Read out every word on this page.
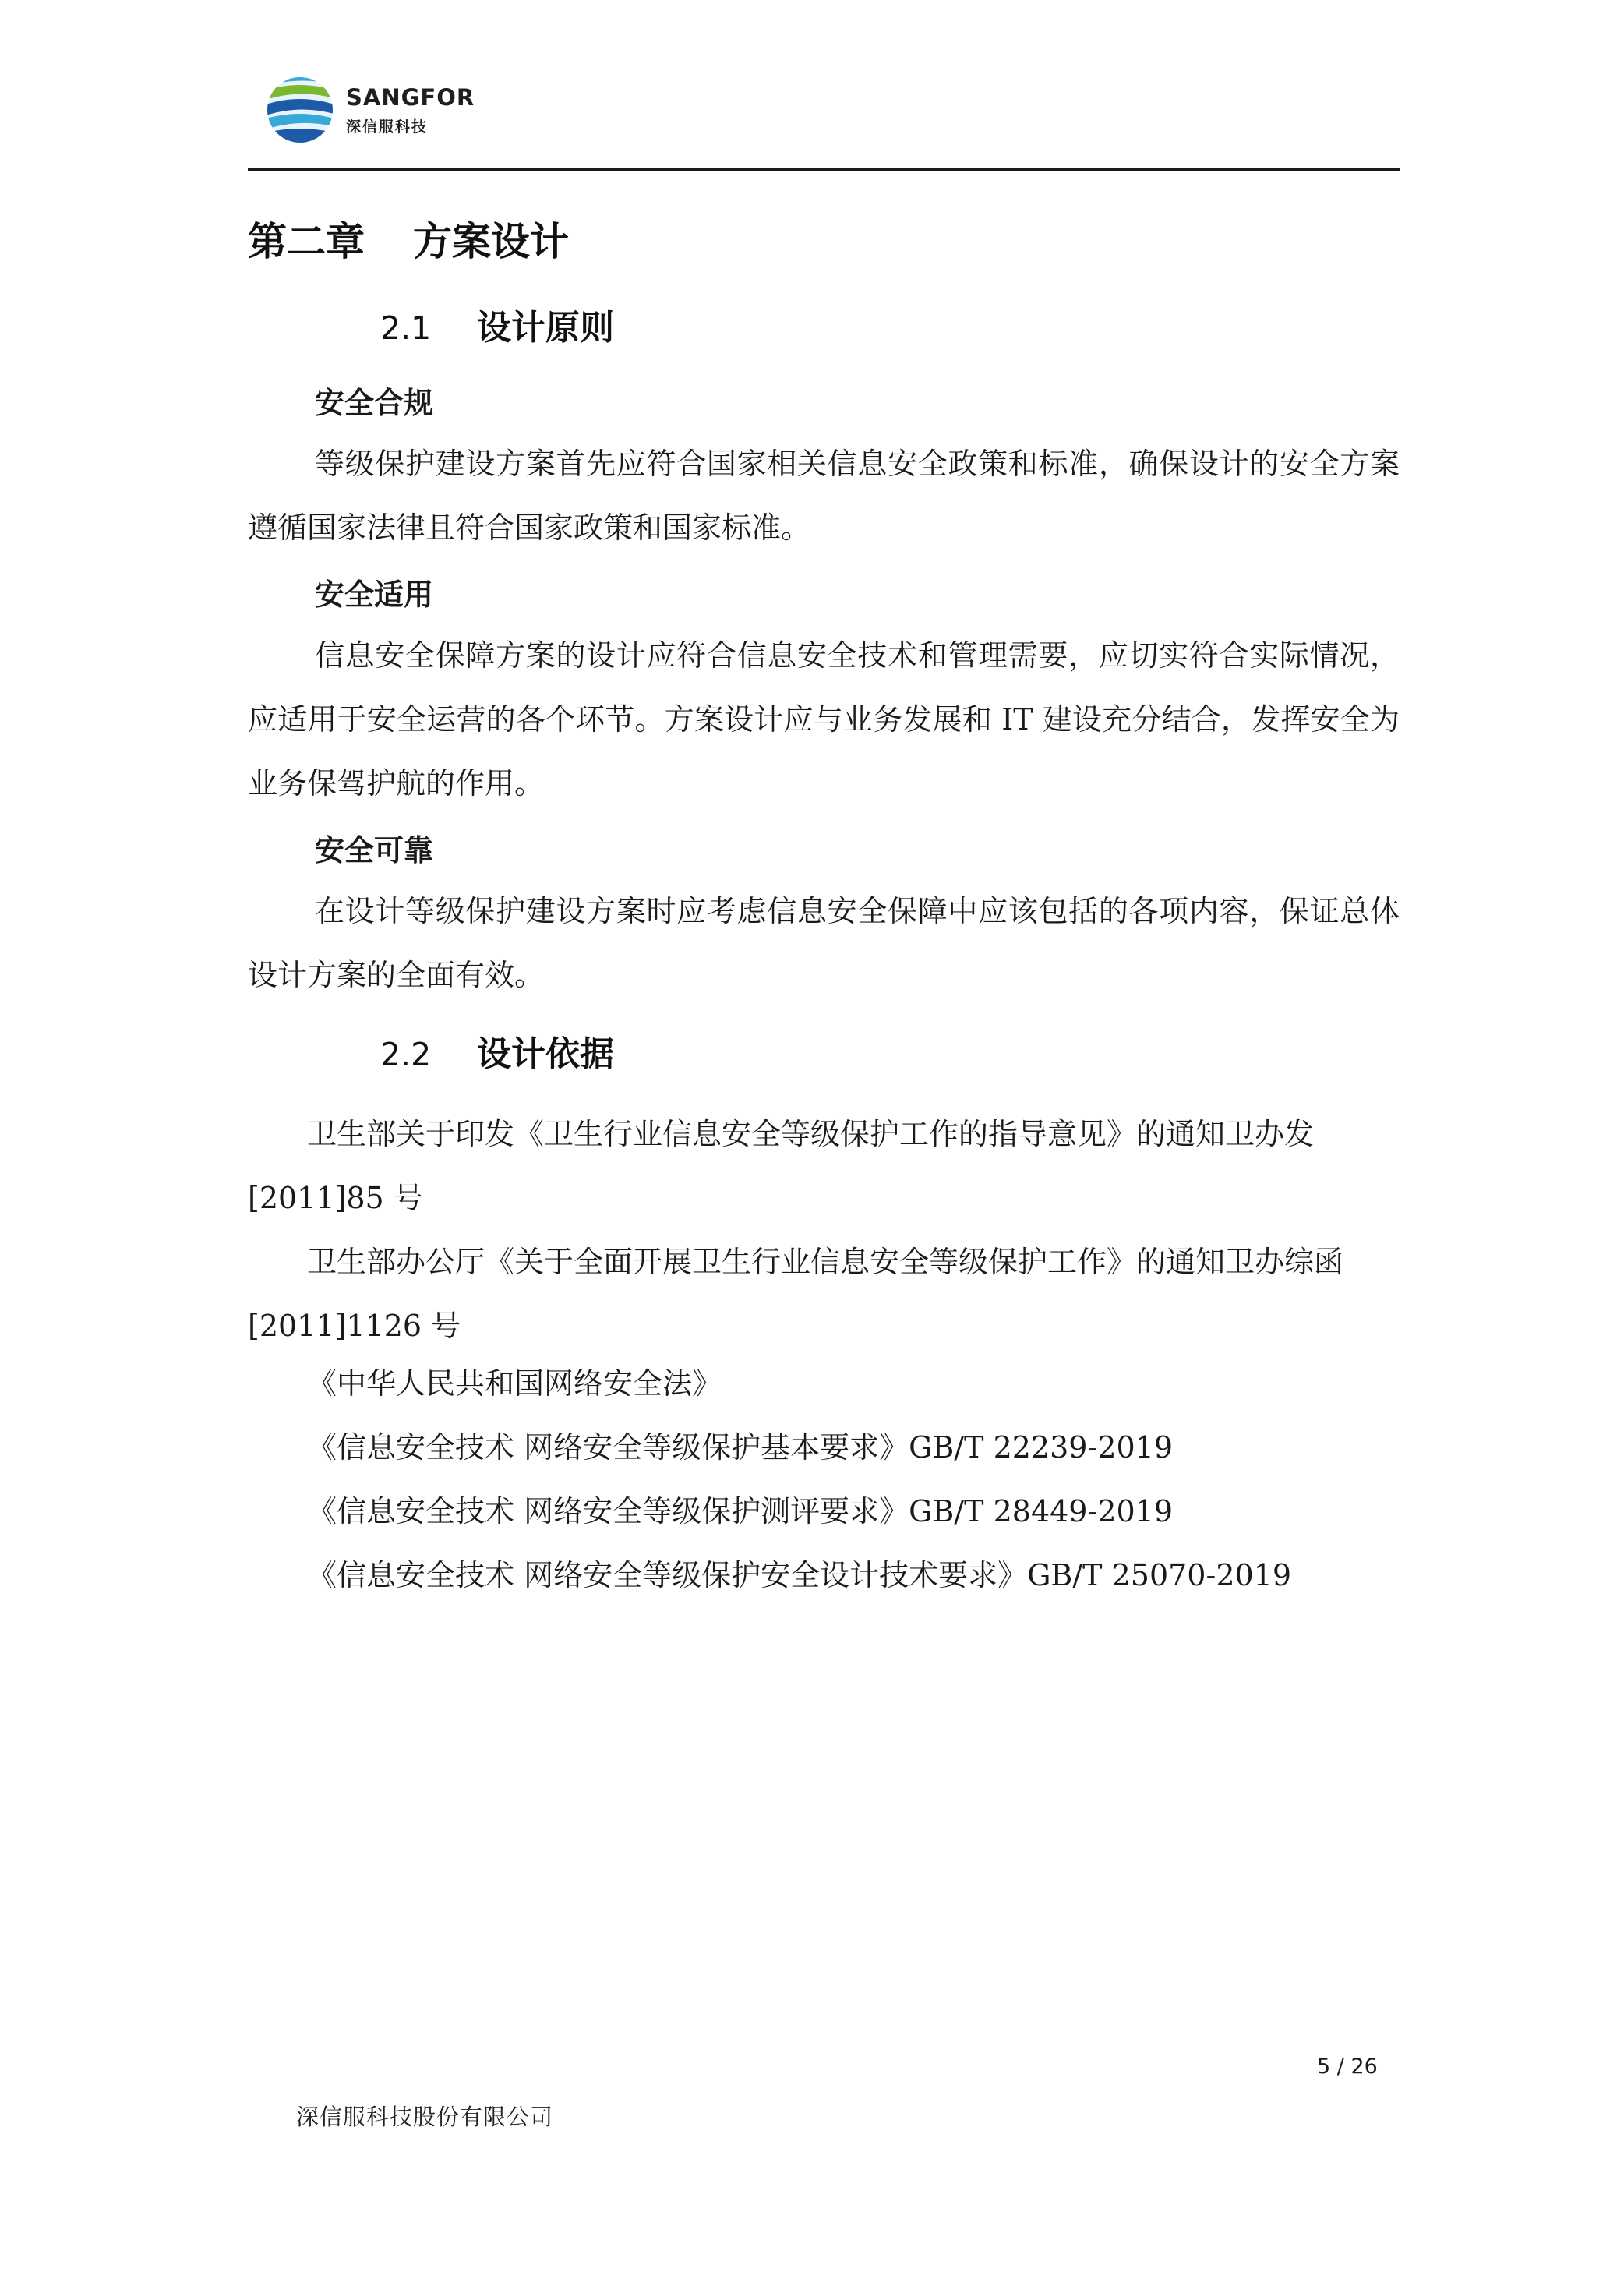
SANGFOR
深信服科技
第二章 方案设计
2.1 设计原则
安全合规

等级保护建设方案首先应符合国家相关信息安全政策和标准，确保设计的安全方案遵循国家法律且符合国家政策和国家标准。

安全适用

信息安全保障方案的设计应符合信息安全技术和管理需要，应切实符合实际情况，应适用于安全运营的各个环节。方案设计应与业务发展和 IT 建设充分结合，发挥安全为业务保驾护航的作用。

安全可靠

在设计等级保护建设方案时应考虑信息安全保障中应该包括的各项内容，保证总体设计方案的全面有效。

2.2 设计依据

卫生部关于印发《卫生行业信息安全等级保护工作的指导意见》的通知卫办发[2011]85 号

卫生部办公厅《关于全面开展卫生行业信息安全等级保护工作》的通知卫办综函[2011]1126 号

《中华人民共和国网络安全法》

《信息安全技术 网络安全等级保护基本要求》GB/T 22239-2019

《信息安全技术 网络安全等级保护测评要求》GB/T 28449-2019

《信息安全技术 网络安全等级保护安全设计技术要求》GB/T 25070-2019

5 / 26
深信服科技股份有限公司
